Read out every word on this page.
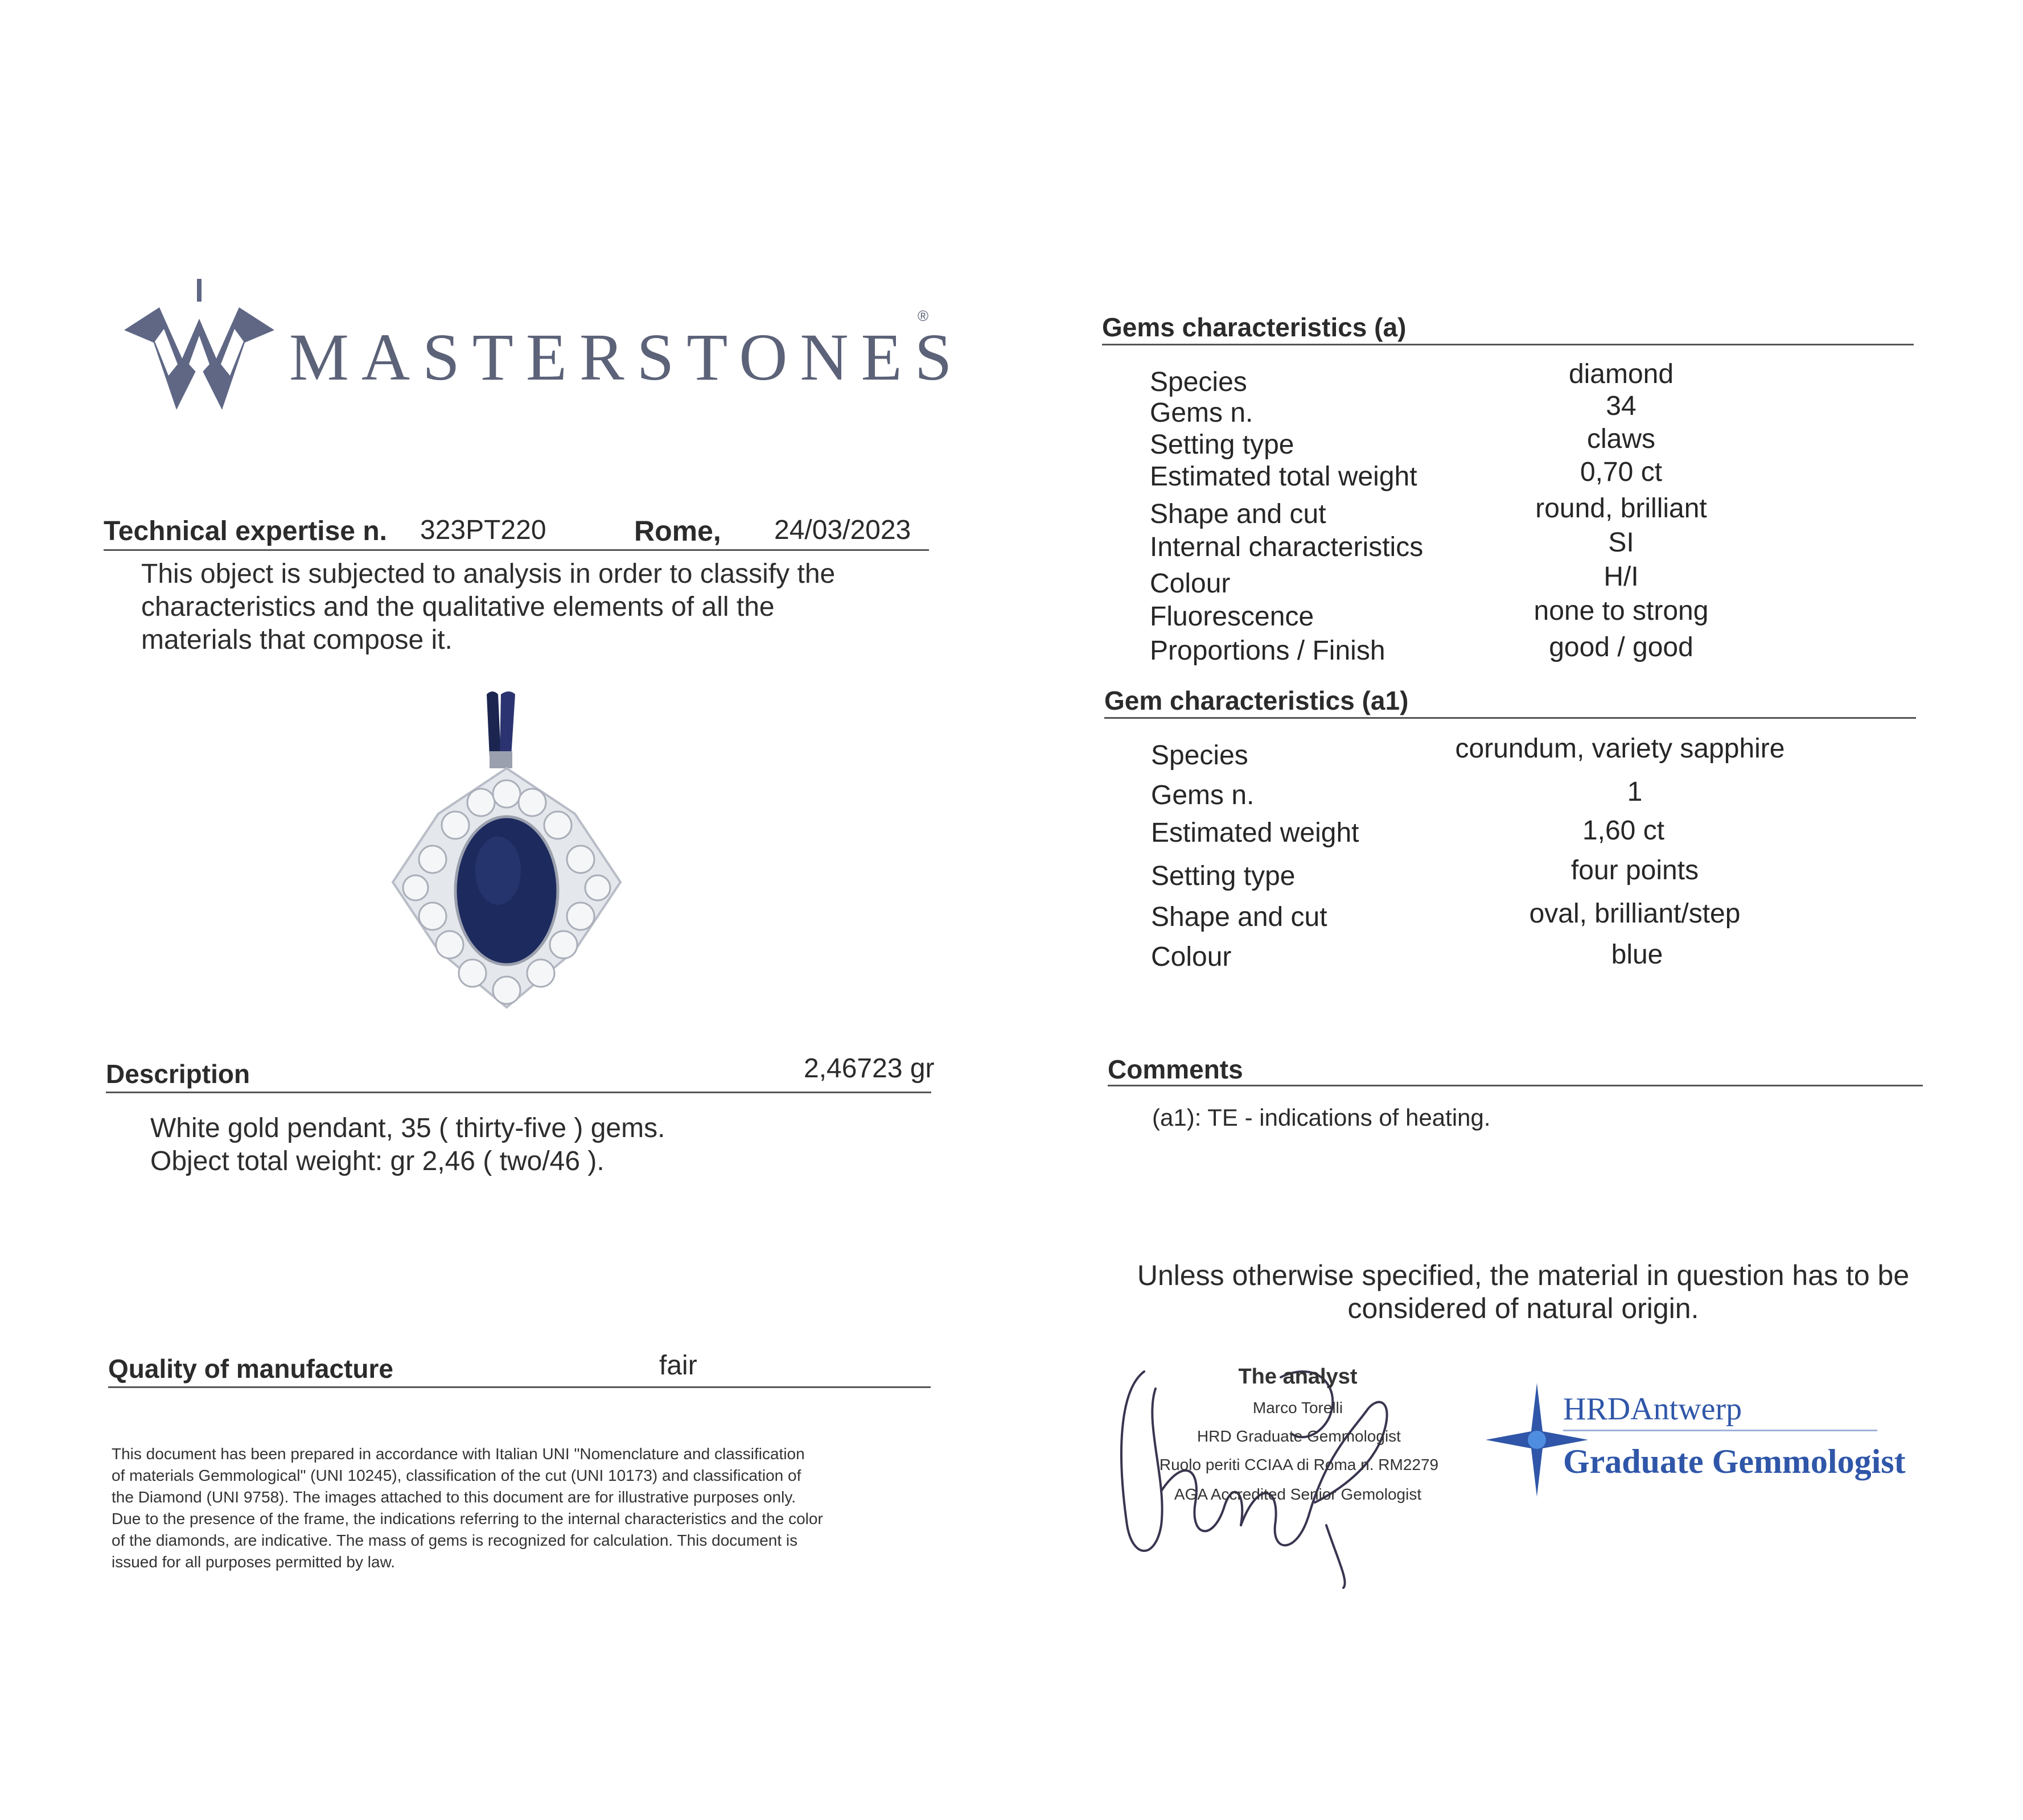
MASTERSTONES
®
Technical expertise n. 323PT220	Rome, 24/03/2023
This object is subjected to analysis in order to classify the
characteristics and the qualitative elements of all the
materials that compose it.
Description	2,46723 gr
White gold pendant, 35 ( thirty-five ) gems.
Object total weight: gr 2,46 ( two/46 ).
Quality of manufacture	fair
This document has been prepared in accordance with Italian UNI "Nomenclature and classification
of materials Gemmological" (UNI 10245), classification of the cut (UNI 10173) and classification of
the Diamond (UNI 9758). The images attached to this document are for illustrative purposes only.
Due to the presence of the frame, the indications referring to the internal characteristics and the color
of the diamonds, are indicative. The mass of gems is recognized for calculation. This document is
issued for all purposes permitted by law.
Gems characteristics (a)
Species	diamond
Gems n.	34
Setting type	claws
Estimated total weight	0,70 ct
Shape and cut	round, brilliant
Internal characteristics	SI
Colour	H/I
Fluorescence	none to strong
Proportions / Finish	good / good
Gem characteristics (a1)
Species	corundum, variety sapphire
Gems n.	1
Estimated weight	1,60 ct
Setting type	four points
Shape and cut	oval, brilliant/step
Colour	blue
Comments
(a1): TE - indications of heating.
Unless otherwise specified, the material in question has to be
considered of natural origin.
The analyst
Marco Torelli
HRD Graduate Gemmologist
Ruolo periti CCIAA di Roma n. RM2279
AGA Accredited Senior Gemologist
HRDAntwerp
Graduate Gemmologist
